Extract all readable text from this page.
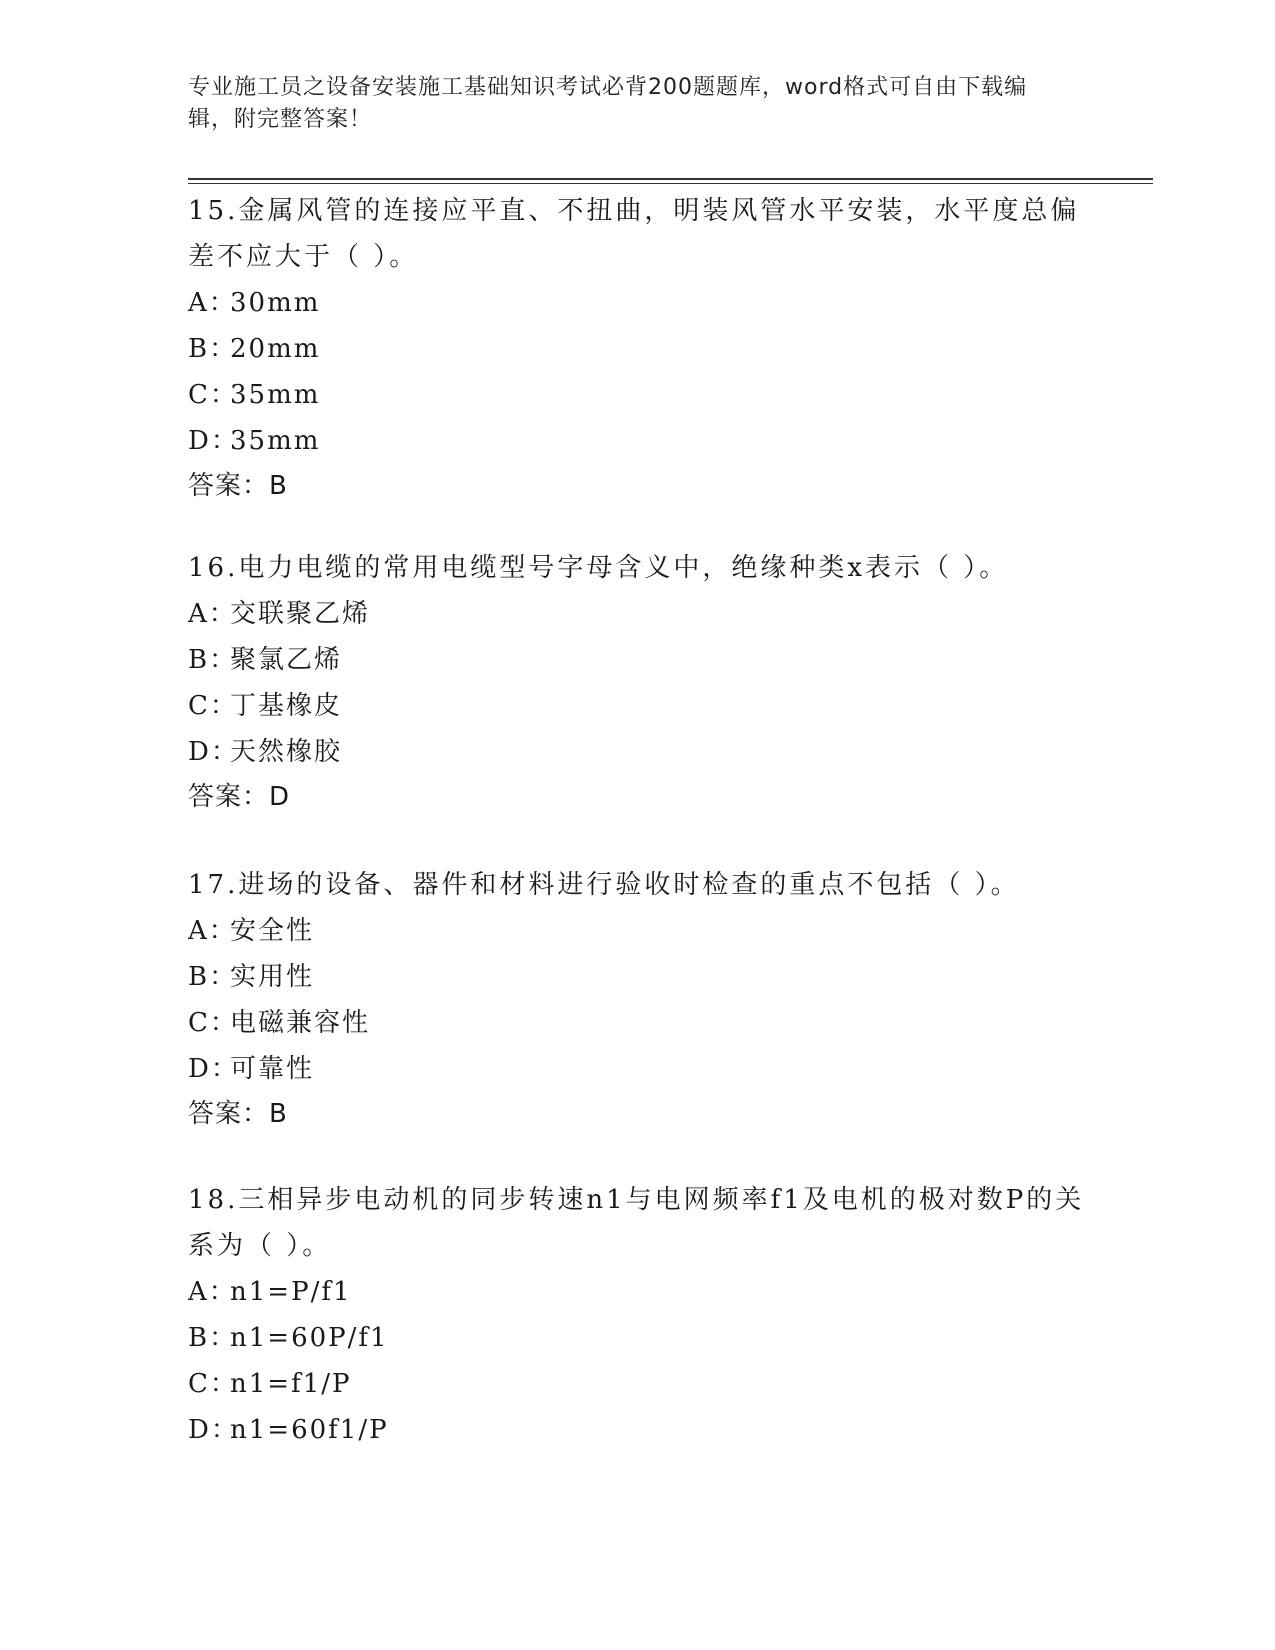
专业施工员之设备安装施工基础知识考试必背200题题库，word格式可自由下载编辑，附完整答案！

15.金属风管的连接应平直、不扭曲，明装风管水平安装，水平度总偏差不应大于（ ）。

A：30mm

B：20mm

C：35mm

D：35mm

答案：B

16.电力电缆的常用电缆型号字母含义中，绝缘种类x表示（ ）。

A：交联聚乙烯

B：聚氯乙烯

C：丁基橡皮

D：天然橡胶

答案：D

17.进场的设备、器件和材料进行验收时检查的重点不包括（ ）。

A：安全性

B：实用性

C：电磁兼容性

D：可靠性

答案：B

18.三相异步电动机的同步转速n1与电网频率f1及电机的极对数P的关系为（ ）。

A：n1=P/f1

B：n1=60P/f1

C：n1=f1/P

D：n1=60f1/P
